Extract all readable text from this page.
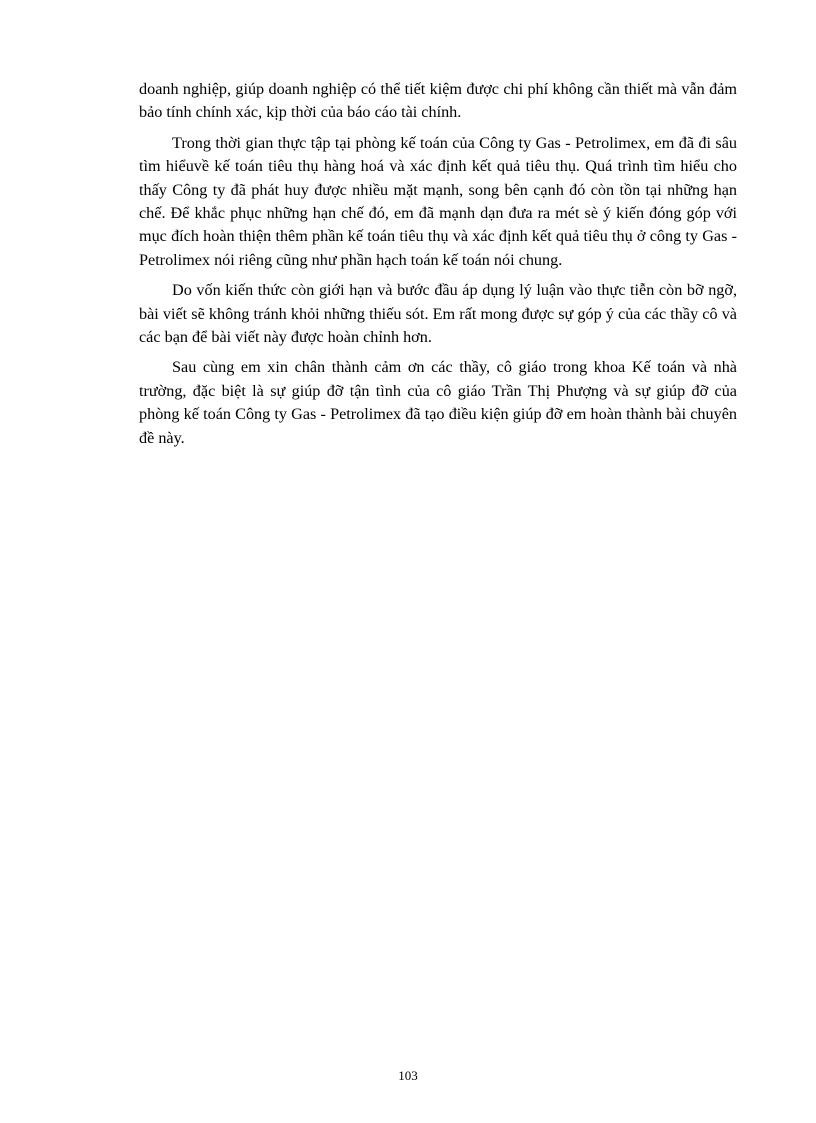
doanh nghiệp, giúp doanh nghiệp có thể tiết kiệm được chi phí không cần thiết mà vẫn đảm bảo tính chính xác, kịp thời của báo cáo tài chính.

Trong thời gian thực tập tại phòng kế toán của Công ty Gas - Petrolimex, em đã đi sâu tìm hiểuvề kế toán tiêu thụ hàng hoá và xác định kết quả tiêu thụ. Quá trình tìm hiểu cho thấy Công ty đã phát huy được nhiều mặt mạnh, song bên cạnh đó còn tồn tại những hạn chế. Để khắc phục những hạn chế đó, em đã mạnh dạn đưa ra mét sè ý kiến đóng góp với mục đích hoàn thiện thêm phần kế toán tiêu thụ và xác định kết quả tiêu thụ ở công ty Gas - Petrolimex nói riêng cũng như phần hạch toán kế toán nói chung.

Do vốn kiến thức còn giới hạn và bước đầu áp dụng lý luận vào thực tiễn còn bỡ ngỡ, bài viết sẽ không tránh khỏi những thiếu sót. Em rất mong được sự góp ý của các thầy cô và các bạn để bài viết này được hoàn chỉnh hơn.

Sau cùng em xin chân thành cảm ơn các thầy, cô giáo trong khoa Kế toán và nhà trường, đặc biệt là sự giúp đỡ tận tình của cô giáo Trần Thị Phượng và sự giúp đỡ của phòng kế toán Công ty Gas - Petrolimex đã tạo điều kiện giúp đỡ em hoàn thành bài chuyên đề này.

103
